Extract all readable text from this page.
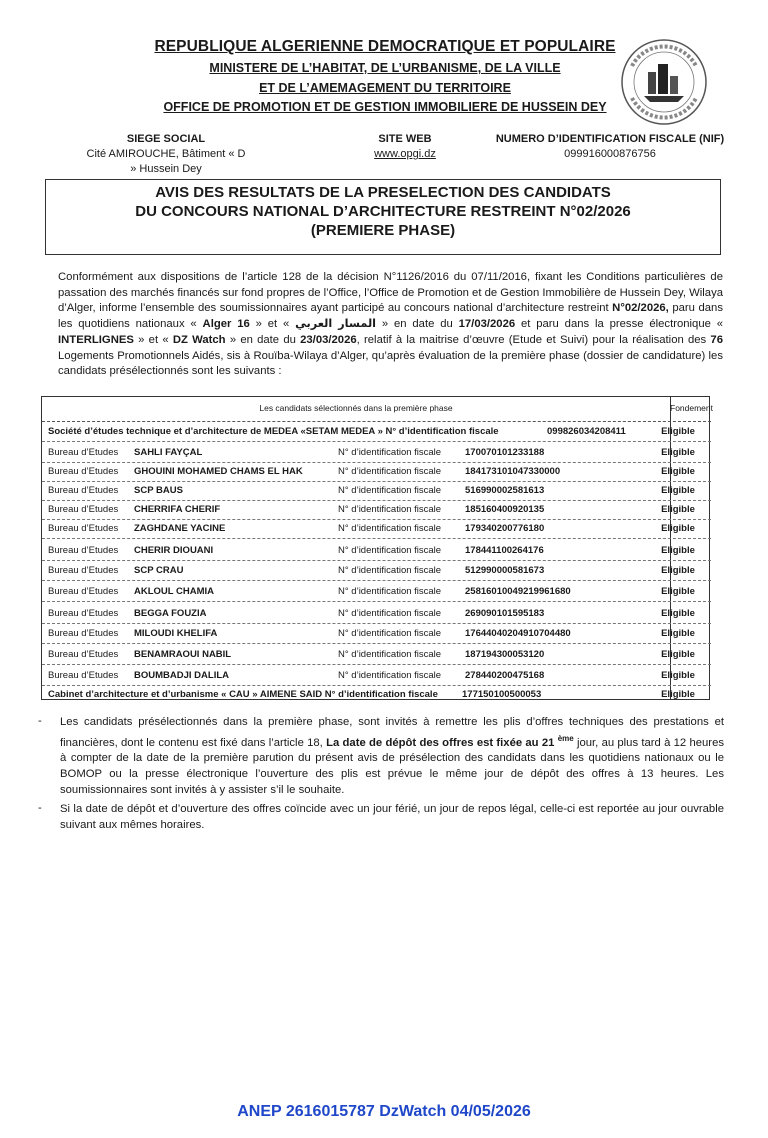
REPUBLIQUE ALGERIENNE DEMOCRATIQUE ET POPULAIRE
MINISTERE DE L’HABITAT, DE L’URBANISME, DE LA VILLE
ET DE L’AMEMAGEMENT DU TERRITOIRE
OFFICE DE PROMOTION ET DE GESTION IMMOBILIERE DE HUSSEIN DEY
SIEGE SOCIAL
Cité AMIROUCHE, Bâtiment « D » Hussein Dey
SITE WEB
www.opgi.dz
NUMERO D’IDENTIFICATION FISCALE (NIF)
099916000876756
AVIS DES RESULTATS DE LA PRESELECTION DES CANDIDATS
DU CONCOURS NATIONAL D’ARCHITECTURE RESTREINT N°02/2026
(PREMIERE PHASE)
Conformément aux dispositions de l’article 128 de la décision N°1126/2016 du 07/11/2016, fixant les Conditions particulières de passation des marchés financés sur fond propres de l’Office, l’Office de Promotion et de Gestion Immobilière de Hussein Dey, Wilaya d’Alger, informe l’ensemble des soumissionnaires ayant participé au concours national d’architecture restreint N°02/2026, paru dans les quotidiens nationaux « Alger 16 » et « المسار العربي » en date du 17/03/2026 et paru dans la presse électronique « INTERLIGNES » et « DZ Watch » en date du 23/03/2026, relatif à la maitrise d’œuvre (Etude et Suivi) pour la réalisation des 76 Logements Promotionnels Aidés, sis à Rouïba-Wilaya d’Alger, qu’après évaluation de la première phase (dossier de candidature) les candidats présélectionnés sont les suivants :
Les candidats sélectionnés dans la première phase	Fondement
Société d’études technique et d’architecture de MEDEA «SETAM MEDEA » N° d’identification fiscale	099826034208411	Eligible
Bureau d’Etudes SAHLI FAYÇAL	N° d’identification fiscale	170070101233188	Eligible
Bureau d’Etudes GHOUINI MOHAMED CHAMS EL HAK	N° d’identification fiscale	184173101047330000	Eligible
Bureau d’Etudes SCP BAUS	N° d’identification fiscale	516990002581613	Eligible
Bureau d’Etudes CHERRIFA CHERIF	N° d’identification fiscale	185160400920135	Eligible
Bureau d’Etudes ZAGHDANE YACINE	N° d’identification fiscale	179340200776180	Eligible
Bureau d’Etudes CHERIR DIOUANI	N° d’identification fiscale	178441100264176	Eligible
Bureau d’Etudes SCP CRAU	N° d’identification fiscale	512990000581673	Eligible
Bureau d’Etudes AKLOUL CHAMIA	N° d’identification fiscale	25816010049219961680	Eligible
Bureau d’Etudes BEGGA FOUZIA	N° d’identification fiscale	269090101595183	Eligible
Bureau d’Etudes MILOUDI KHELIFA	N° d’identification fiscale	17644040204910704480	Eligible
Bureau d’Etudes BENAMRAOUI NABIL	N° d’identification fiscale	187194300053120	Eligible
Bureau d’Etudes BOUMBADJI DALILA	N° d’identification fiscale	278440200475168	Eligible
Cabinet d’architecture et d’urbanisme « CAU » AIMENE SAID N° d’identification fiscale	177150100500053	Eligible
- Les candidats présélectionnés dans la première phase, sont invités à remettre les plis d’offres techniques des prestations et financières, dont le contenu est fixé dans l’article 18, La date de dépôt des offres est fixée au 21 $^{ème}$ jour, au plus tard à 12 heures à compter de la date de la première parution du présent avis de présélection des candidats dans les quotidiens nationaux ou le BOMOP ou la presse électronique l’ouverture des plis est prévue le même jour de dépôt des offres à 13 heures. Les soumissionnaires sont invités à y assister s’il le souhaite.
- Si la date de dépôt et d’ouverture des offres coïncide avec un jour férié, un jour de repos légal, celle-ci est reportée au jour ouvrable suivant aux mêmes horaires.
ANEP 2616015787 DzWatch 04/05/2026
